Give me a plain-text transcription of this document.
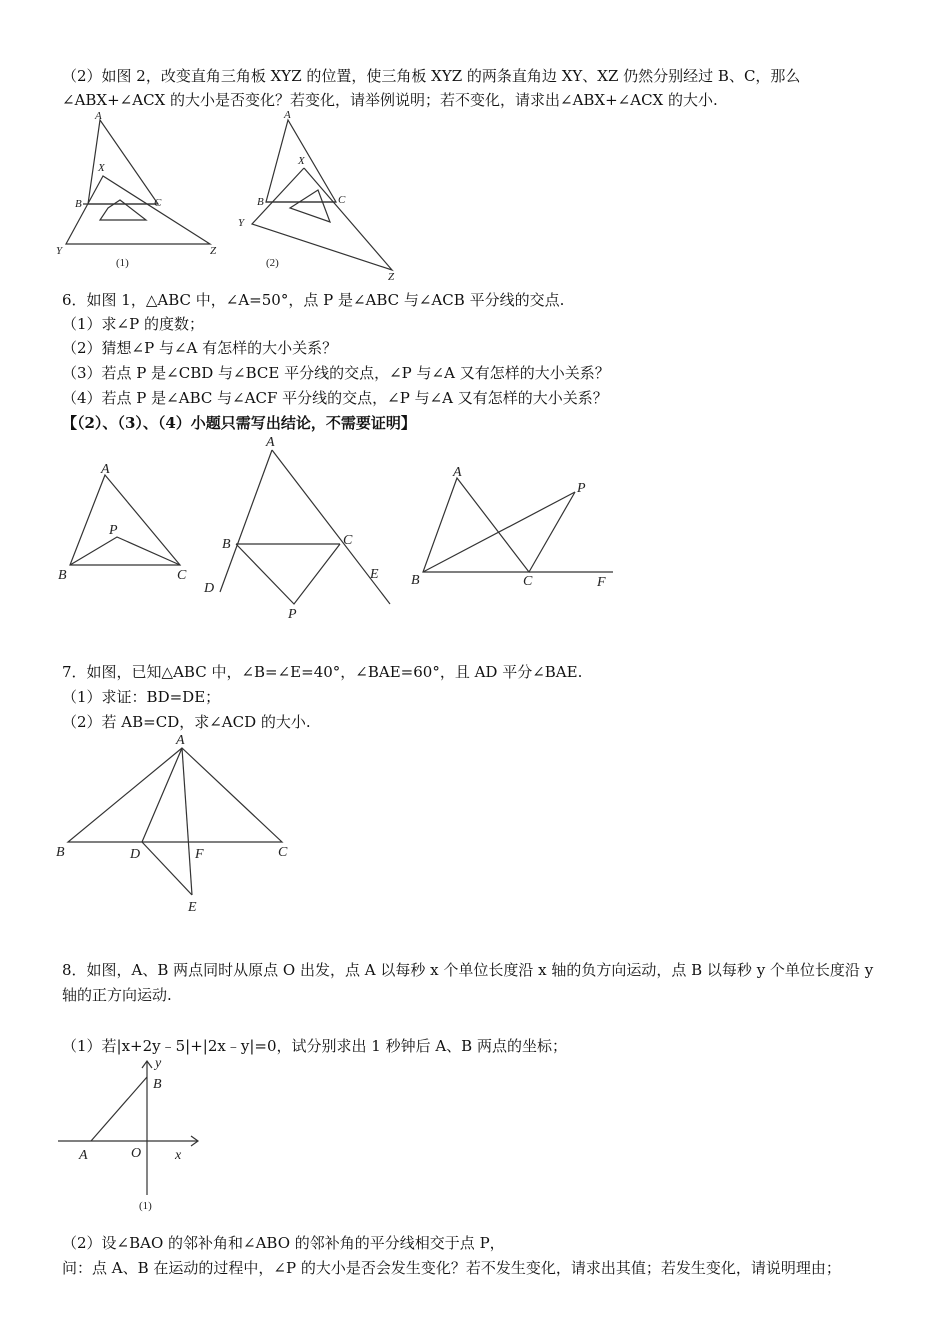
（2）如图 2，改变直角三角板 XYZ 的位置，使三角板 XYZ 的两条直角边 XY、XZ 仍然分别经过 B、C，那么
∠ABX+∠ACX 的大小是否变化？若变化，请举例说明；若不变化，请求出∠ABX+∠ACX 的大小.
A
X
B	C
Y	Z
(1)
A
X
B	C
Y
Z
(2)
6．如图 1，△ABC 中，∠A=50°，点 P 是∠ABC 与∠ACB 平分线的交点.
（1）求∠P 的度数；
（2）猜想∠P 与∠A 有怎样的大小关系？
（3）若点 P 是∠CBD 与∠BCE 平分线的交点，∠P 与∠A 又有怎样的大小关系？
（4）若点 P 是∠ABC 与∠ACF 平分线的交点，∠P 与∠A 又有怎样的大小关系？
【（2）、（3）、（4）小题只需写出结论，不需要证明】
A
P
B	C
A
B	C
D
E
P
A
P
B	C	F
7．如图，已知△ABC 中，∠B=∠E=40°，∠BAE=60°，且 AD 平分∠BAE.
（1）求证：BD=DE；
（2）若 AB=CD，求∠ACD 的大小.
A
B	C
D	F
E
8．如图，A、B 两点同时从原点 O 出发，点 A 以每秒 x 个单位长度沿 x 轴的负方向运动，点 B 以每秒 y 个单位长度沿 y
轴的正方向运动.
（1）若|x+2y﹣5|+|2x﹣y|=0，试分别求出 1 秒钟后 A、B 两点的坐标；
y
B
A	O x
(1)
（2）设∠BAO 的邻补角和∠ABO 的邻补角的平分线相交于点 P，
问：点 A、B 在运动的过程中，∠P 的大小是否会发生变化？若不发生变化，请求出其值；若发生变化，请说明理由；
